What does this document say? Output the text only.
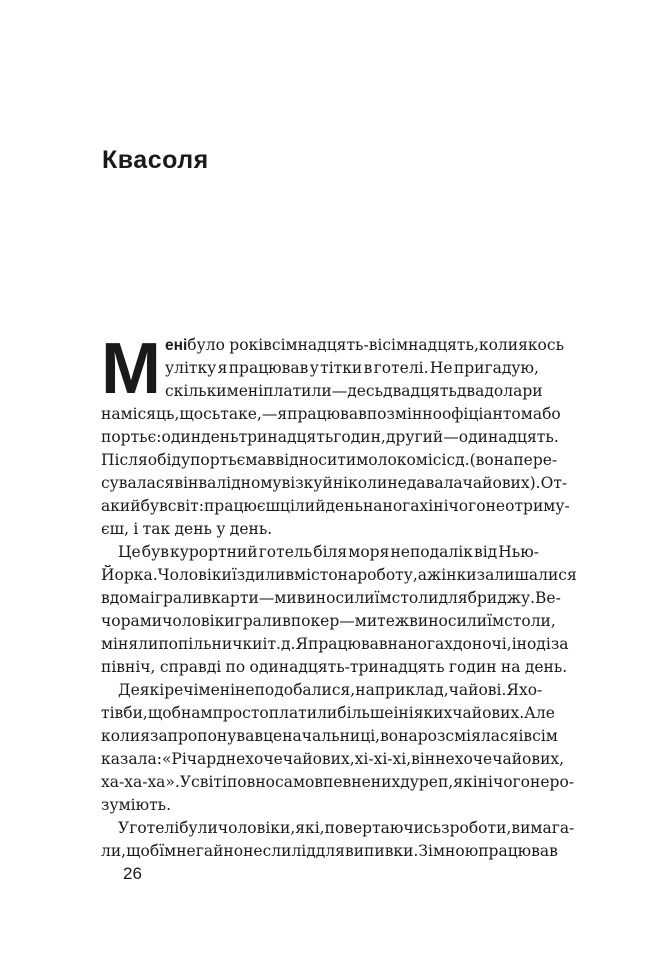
Квасоля
М ені було років сімнадцять-вісімнадцять, коли якось
улітку я працював у тітки в готелі. Не пригадую,
скільки мені платили — десь двадцять два долари
на місяць, щось таке, — я працював позмінно офіціантом або
портьє: один день тринадцять годин, другий — одинадцять.
Після обіду портьє мав відносити молоко місіс д. (вона пере-
сувалася в інвалідному візку й ніколи не давала чайових). От-
акий був світ: працюєш цілий день на ногах і нічого не отриму-
єш, і так день у день.
Це був курортний готель біля моря неподалік від Нью-
Йорка. Чоловіки їздили в місто на роботу, а жінки залишалися
вдома і грали в карти — ми виносили їм столи для бриджу. Ве-
чорами чоловіки грали в покер — ми теж виносили їм столи,
міняли попільнички і т. д. Я працював на ногах до ночі, іноді за
північ, справді по одинадцять-тринадцять годин на день.
Деякі речі мені не подобалися, наприклад, чайові. Я хо-
тів би, щоб нам просто платили більше і ніяких чайових. Але
коли я запропонував це начальниці, вона розсміялася і всім
казала: «Річард не хоче чайових, хі-хі-хі, він не хоче чайових,
ха-ха-ха». У світі повно самовпевнених дуреп, які нічого не ро-
зуміють.
У готелі були чоловіки, які, повертаючись з роботи, вимага-
ли, щоб їм негайно несли лід для випивки. Зі мною працював
26
